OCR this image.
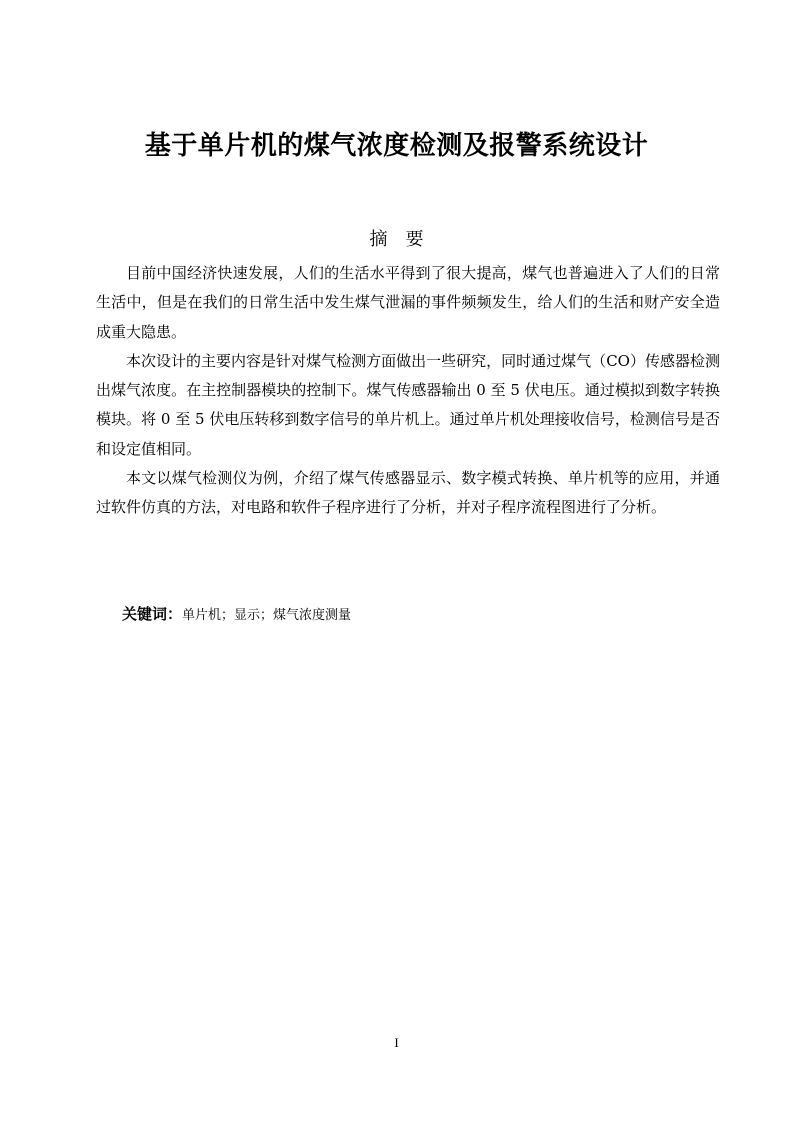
基于单片机的煤气浓度检测及报警系统设计
摘要

目前中国经济快速发展，人们的生活水平得到了很大提高，煤气也普遍进入了人们的日常生活中，但是在我们的日常生活中发生煤气泄漏的事件频频发生，给人们的生活和财产安全造成重大隐患。

本次设计的主要内容是针对煤气检测方面做出一些研究，同时通过煤气（CO）传感器检测出煤气浓度。在主控制器模块的控制下。煤气传感器输出 0 至 5 伏电压。通过模拟到数字转换模块。将 0 至 5 伏电压转移到数字信号的单片机上。通过单片机处理接收信号，检测信号是否和设定值相同。

本文以煤气检测仪为例，介绍了煤气传感器显示、数字模式转换、单片机等的应用，并通过软件仿真的方法，对电路和软件子程序进行了分析，并对子程序流程图进行了分析。

关键词：单片机；显示；煤气浓度测量
I
